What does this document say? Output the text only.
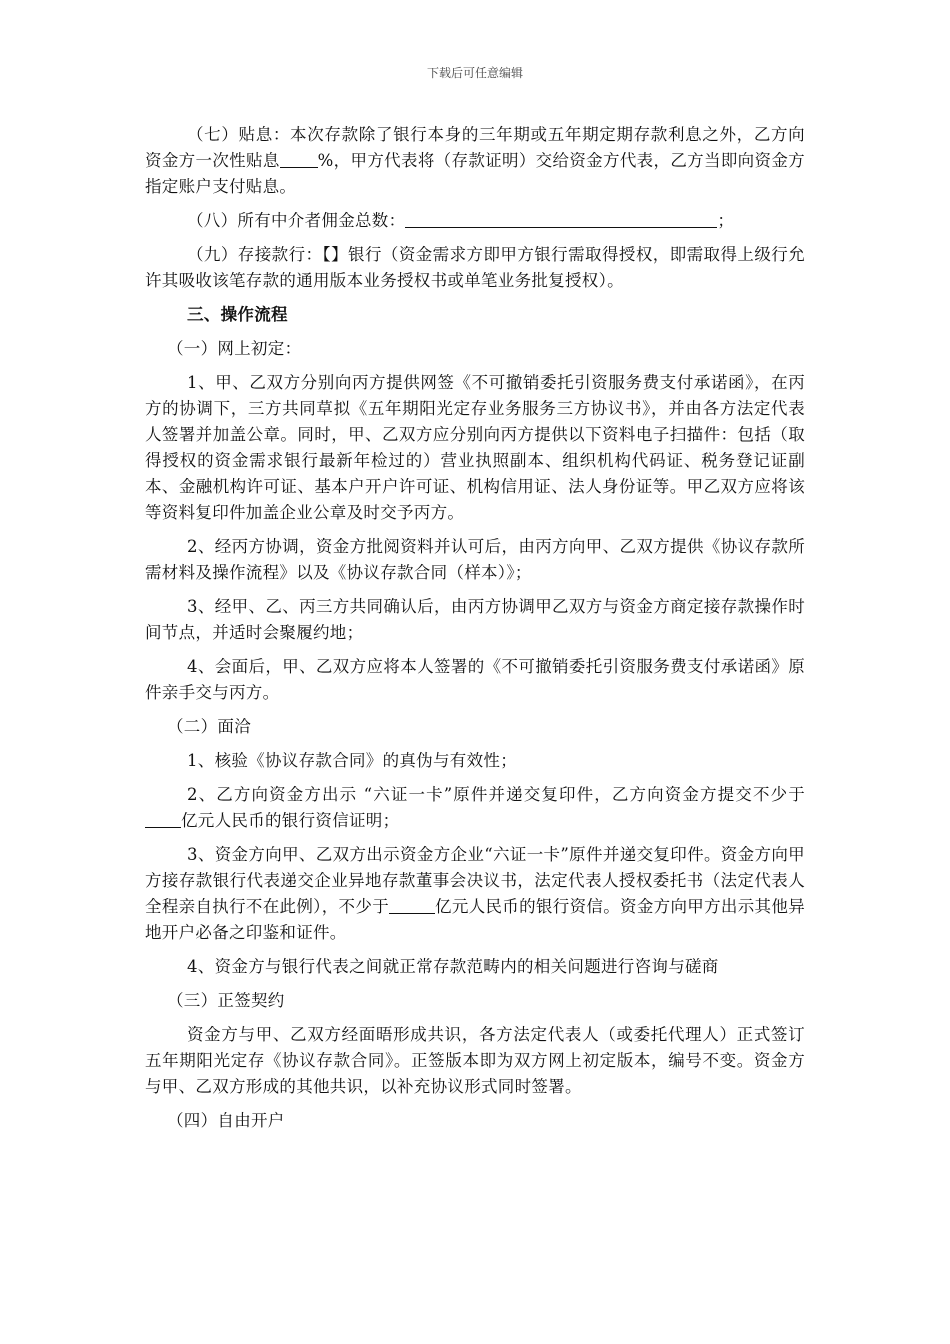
下载后可任意编辑

（七）贴息：本次存款除了银行本身的三年期或五年期定期存款利息之外，乙方向资金方一次性贴息 %，甲方代表将（存款证明）交给资金方代表，乙方当即向资金方指定账户支付贴息。

（八）所有中介者佣金总数：	；

（九）存接款行：【】银行（资金需求方即甲方银行需取得授权，即需取得上级行允许其吸收该笔存款的通用版本业务授权书或单笔业务批复授权）。

三、操作流程

（一）网上初定：

1、甲、乙双方分别向丙方提供网签《不可撤销委托引资服务费支付承诺函》，在丙方的协调下，三方共同草拟《五年期阳光定存业务服务三方协议书》，并由各方法定代表人签署并加盖公章。同时，甲、乙双方应分别向丙方提供以下资料电子扫描件：包括（取得授权的资金需求银行最新年检过的）营业执照副本、组织机构代码证、税务登记证副本、金融机构许可证、基本户开户许可证、机构信用证、法人身份证等。甲乙双方应将该等资料复印件加盖企业公章及时交予丙方。

2、经丙方协调，资金方批阅资料并认可后，由丙方向甲、乙双方提供《协议存款所需材料及操作流程》以及《协议存款合同（样本）》；

3、经甲、乙、丙三方共同确认后，由丙方协调甲乙双方与资金方商定接存款操作时间节点，并适时会聚履约地；

4、会面后，甲、乙双方应将本人签署的《不可撤销委托引资服务费支付承诺函》原件亲手交与丙方。

（二）面洽

1、核验《协议存款合同》的真伪与有效性；

2、乙方向资金方出示 “六证一卡”原件并递交复印件，乙方向资金方提交不少于亿元人民币的银行资信证明；

3、资金方向甲、乙双方出示资金方企业“六证一卡”原件并递交复印件。资金方向甲方接存款银行代表递交企业异地存款董事会决议书，法定代表人授权委托书（法定代表人全程亲自执行不在此例），不少于	亿元人民币的银行资信。资金方向甲方出示其他异地开户必备之印鉴和证件。

4、资金方与银行代表之间就正常存款范畴内的相关问题进行咨询与磋商

（三）正签契约

资金方与甲、乙双方经面晤形成共识，各方法定代表人（或委托代理人）正式签订五年期阳光定存《协议存款合同》。正签版本即为双方网上初定版本，编号不变。资金方与甲、乙双方形成的其他共识，以补充协议形式同时签署。

（四）自由开户
